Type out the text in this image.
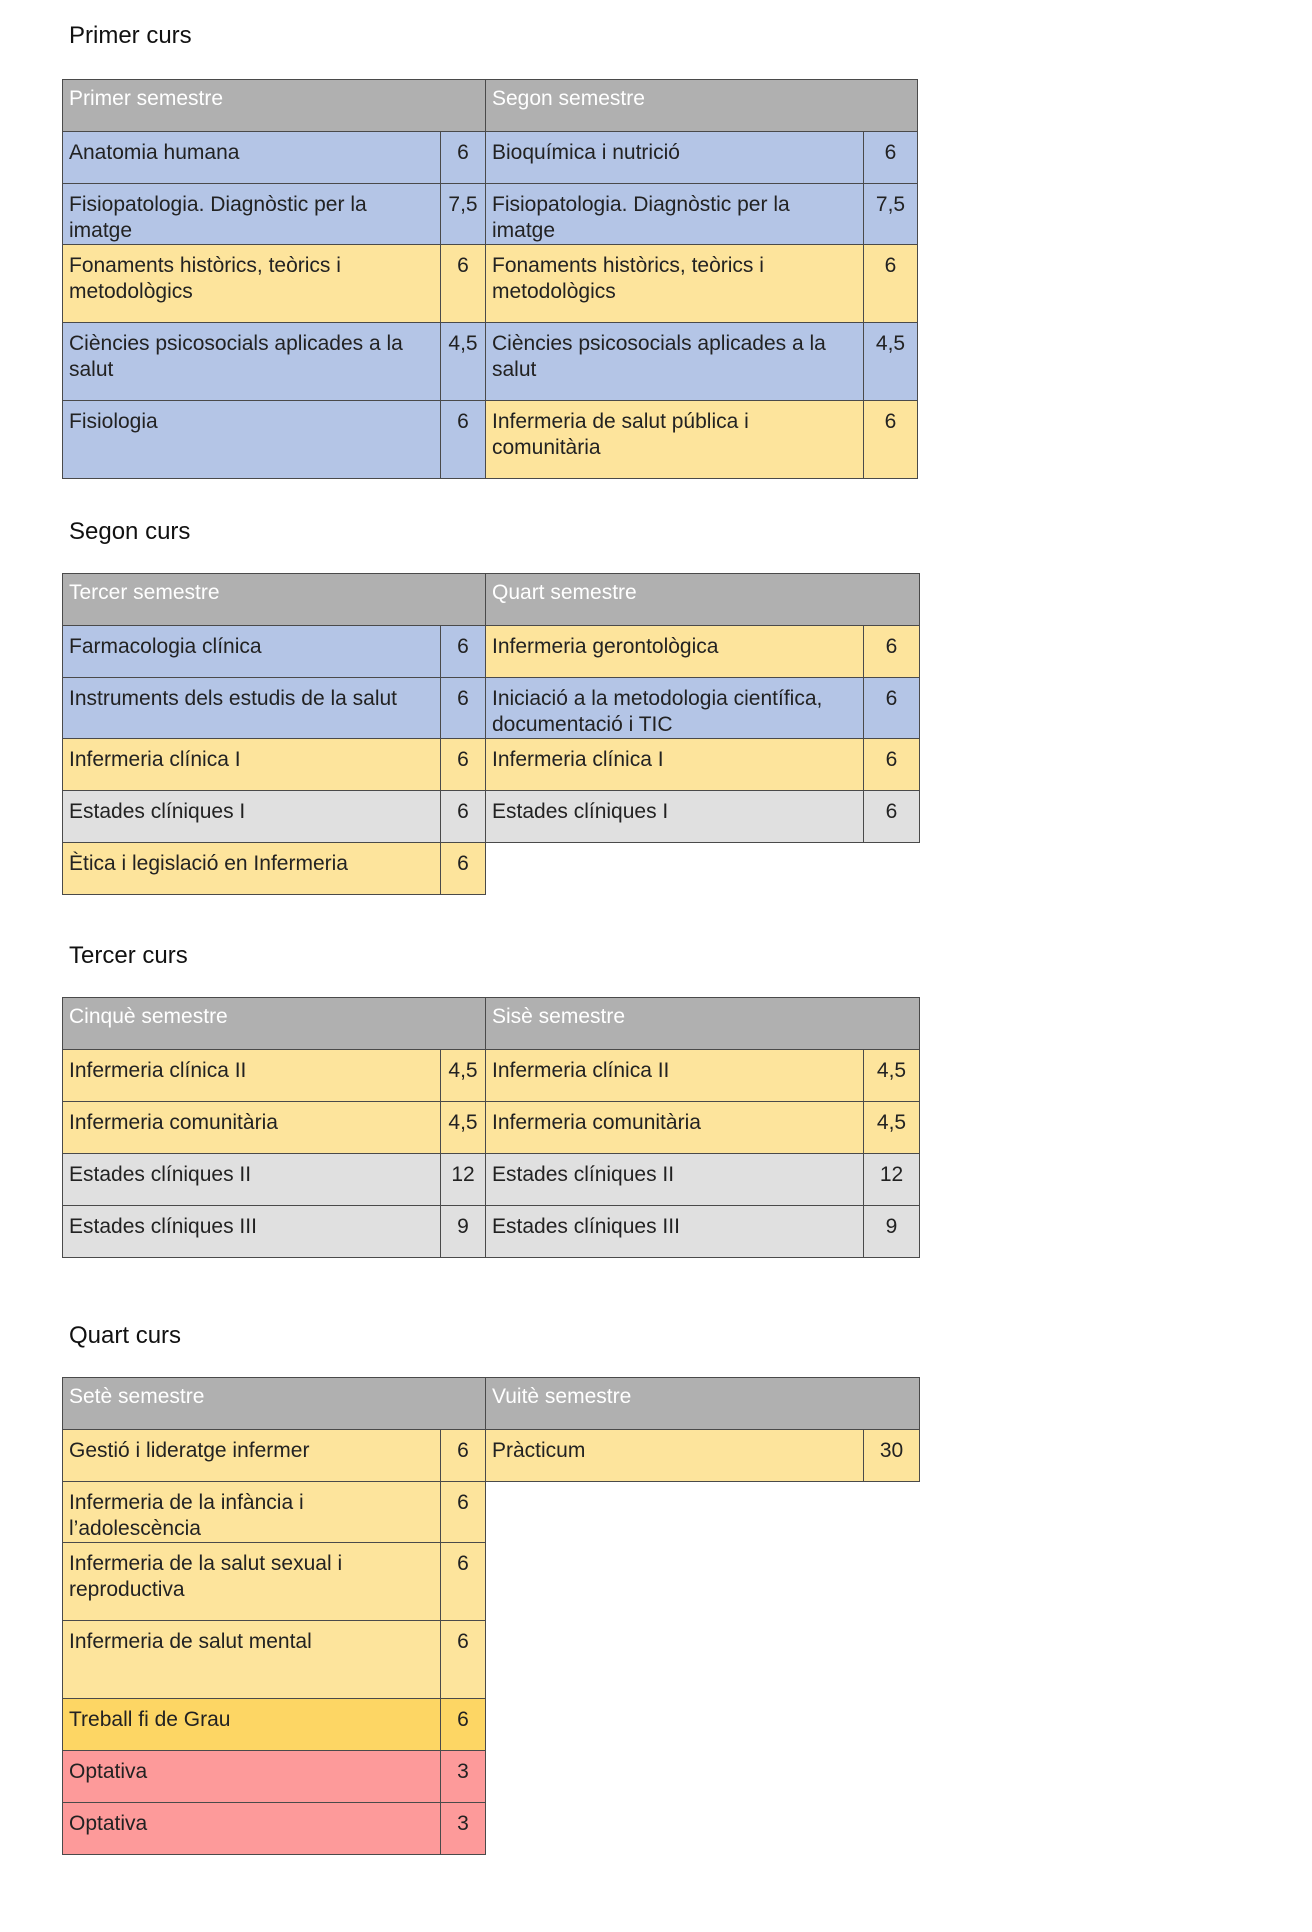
Primer curs
Primer semestre		Segon semestre	
Anatomia humana	6	Bioquímica i nutrició	6
Fisiopatologia. Diagnòstic per la imatge	7,5	Fisiopatologia. Diagnòstic per la imatge	7,5
Fonaments històrics, teòrics i metodològics	6	Fonaments històrics, teòrics i metodològics	6
Ciències psicosocials aplicades a la salut	4,5	Ciències psicosocials aplicades a la salut	4,5
Fisiologia	6	Infermeria de salut pública i comunitària	6
Segon curs
Tercer semestre		Quart semestre	
Farmacologia clínica	6	Infermeria gerontològica	6
Instruments dels estudis de la salut	6	Iniciació a la metodologia científica, documentació i TIC	6
Infermeria clínica I	6	Infermeria clínica I	6
Estades clíniques I	6	Estades clíniques I	6
Ètica i legislació en Infermeria	6		
Tercer curs
Cinquè semestre		Sisè semestre	
Infermeria clínica II	4,5	Infermeria clínica II	4,5
Infermeria comunitària	4,5	Infermeria comunitària	4,5
Estades clíniques II	12	Estades clíniques II	12
Estades clíniques III	9	Estades clíniques III	9
Quart curs
Setè semestre		Vuitè semestre	
Gestió i lideratge infermer	6	Pràcticum	30
Infermeria de la infància i l’adolescència	6		
Infermeria de la salut sexual i reproductiva	6		
Infermeria de salut mental	6		
Treball fi de Grau	6		
Optativa	3		
Optativa	3		
